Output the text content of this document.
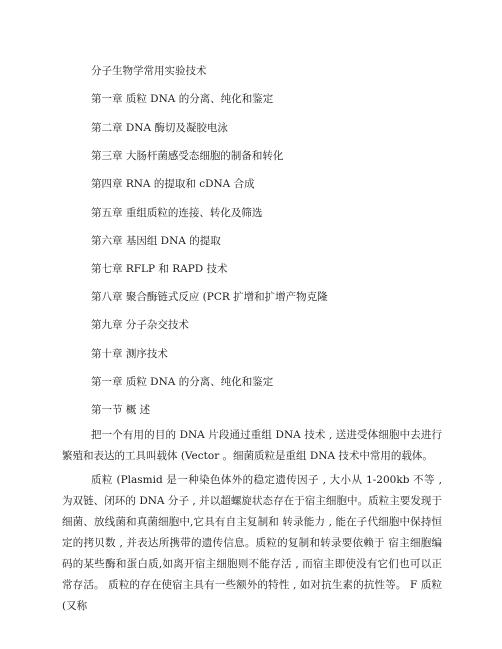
分子生物学常用实验技术
第一章 质粒 DNA 的分离、纯化和鉴定
第二章 DNA 酶切及凝胶电泳
第三章 大肠杆菌感受态细胞的制备和转化
第四章 RNA 的提取和 cDNA 合成
第五章 重组质粒的连接、转化及筛选
第六章 基因组 DNA 的提取
第七章 RFLP 和 RAPD 技术
第八章 聚合酶链式反应 (PCR 扩增和扩增产物克隆
第九章 分子杂交技术
第十章 测序技术
第一章 质粒 DNA 的分离、纯化和鉴定
第一节 概 述

把一个有用的目的 DNA 片段通过重组 DNA 技术 , 送进受体细胞中去进行繁殖和表达的工具叫载体 (Vector 。细菌质粒是重组 DNA 技术中常用的载体。

质粒 (Plasmid 是一种染色体外的稳定遗传因子 , 大小从 1-200kb 不等 , 为双链、闭环的 DNA 分子 , 并以超螺旋状态存在于宿主细胞中。质粒主要发现于细菌、放线菌和真菌细胞中,它具有自主复制和 转录能力 , 能在子代细胞中保持恒定的拷贝数 , 并表达所携带的遗传信息。质粒的复制和转录要依赖于 宿主细胞编码的某些酶和蛋白质,如离开宿主细胞则不能存活 , 而宿主即使没有它们也可以正常存活。 质粒的存在使宿主具有一些额外的特性 , 如对抗生素的抗性等。 F 质粒 (又称
